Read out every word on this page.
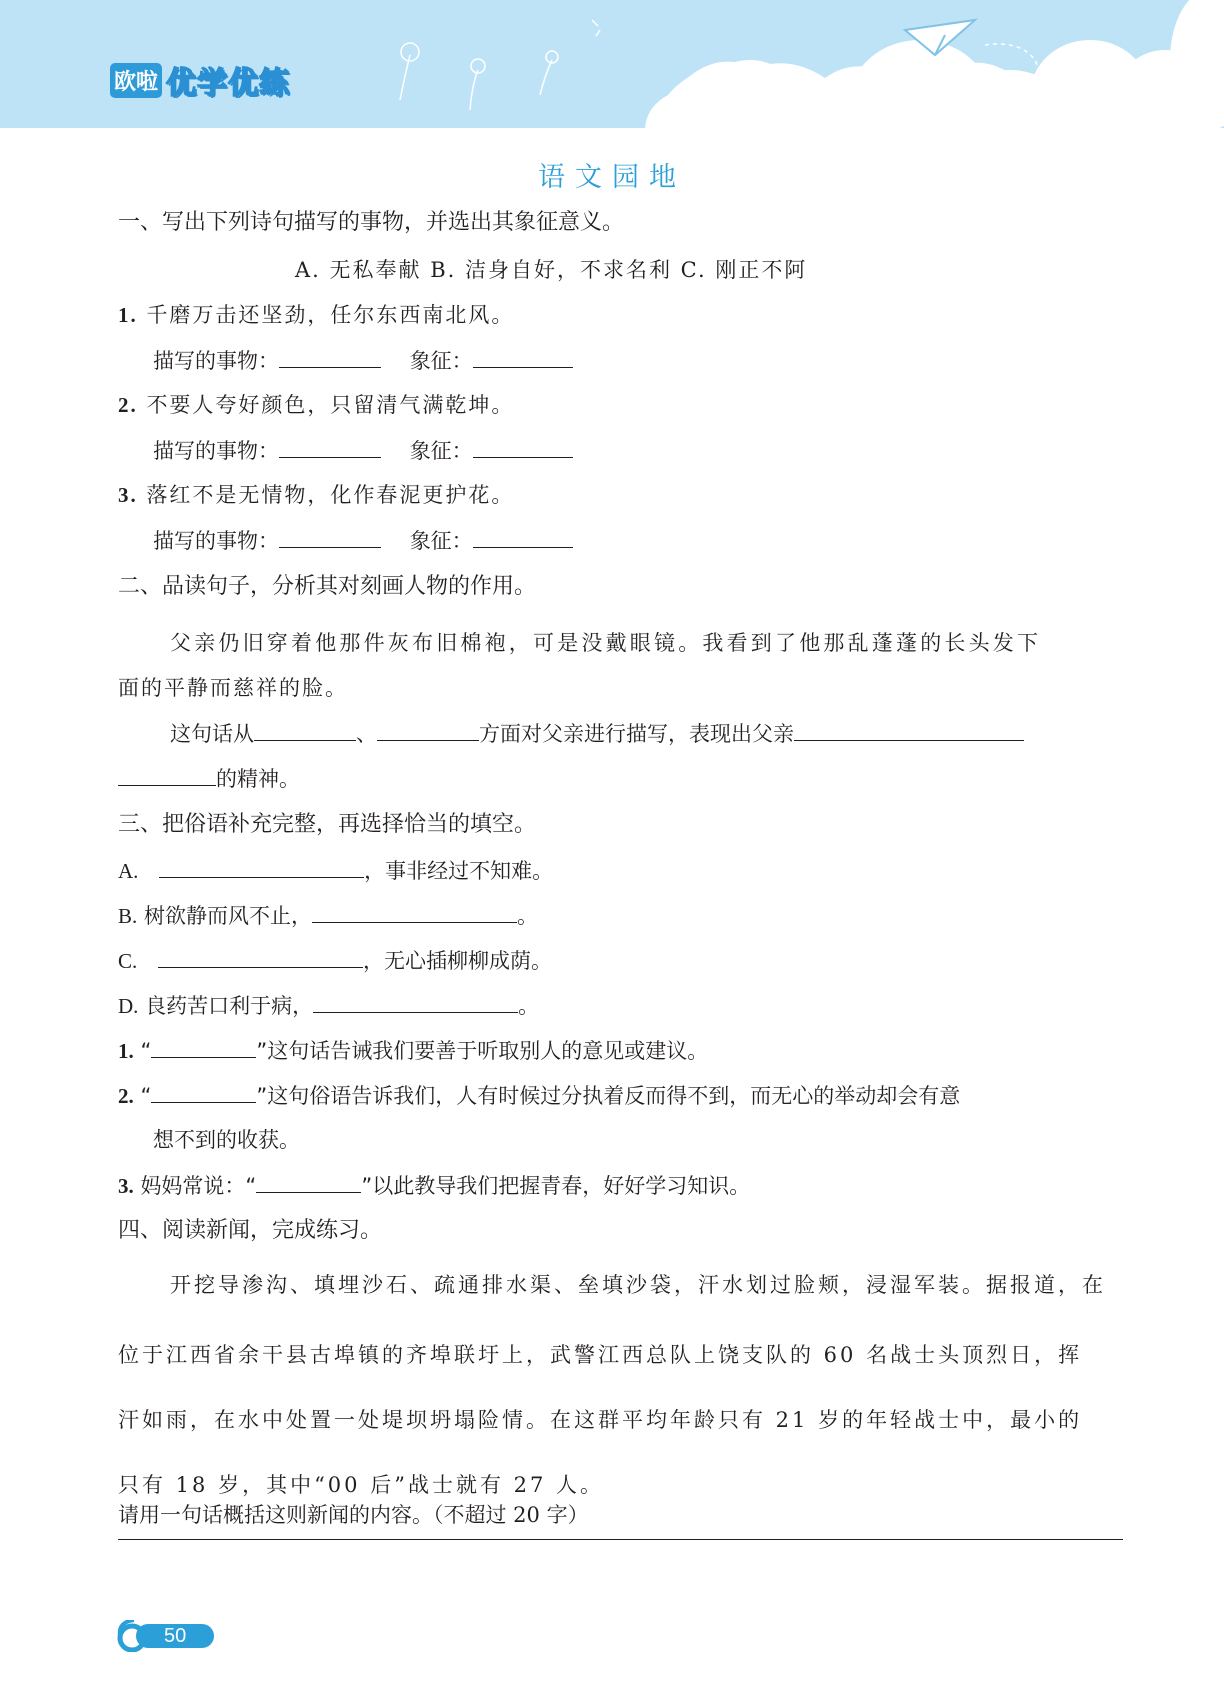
欧啦 优学优练
语文园地
一、写出下列诗句描写的事物，并选出其象征意义。
A. 无私奉献 B. 洁身自好，不求名利 C. 刚正不阿
1. 千磨万击还坚劲，任尔东西南北风。
描写的事物：	象征：
2. 不要人夸好颜色，只留清气满乾坤。
描写的事物：	象征：
3. 落红不是无情物，化作春泥更护花。
描写的事物：	象征：
二、品读句子，分析其对刻画人物的作用。
父亲仍旧穿着他那件灰布旧棉袍，可是没戴眼镜。我看到了他那乱蓬蓬的长头发下
面的平静而慈祥的脸。
这句话从	、	方面对父亲进行描写，表现出父亲
的精神。
三、把俗语补充完整，再选择恰当的填空。
A.	，事非经过不知难。
B. 树欲静而风不止，	。
C.	，无心插柳柳成荫。
D. 良药苦口利于病，	。
1. “	”这句话告诫我们要善于听取别人的意见或建议。
2. “	”这句俗语告诉我们，人有时候过分执着反而得不到，而无心的举动却会有意
想不到的收获。
3. 妈妈常说：“	”以此教导我们把握青春，好好学习知识。
四、阅读新闻，完成练习。
开挖导渗沟、填埋沙石、疏通排水渠、垒填沙袋，汗水划过脸颊，浸湿军装。据报道，在
位于江西省余干县古埠镇的齐埠联圩上，武警江西总队上饶支队的 60 名战士头顶烈日，挥
汗如雨，在水中处置一处堤坝坍塌险情。在这群平均年龄只有 21 岁的年轻战士中，最小的
只有 18 岁，其中“00 后”战士就有 27 人。
请用一句话概括这则新闻的内容。（不超过 20 字）
50
